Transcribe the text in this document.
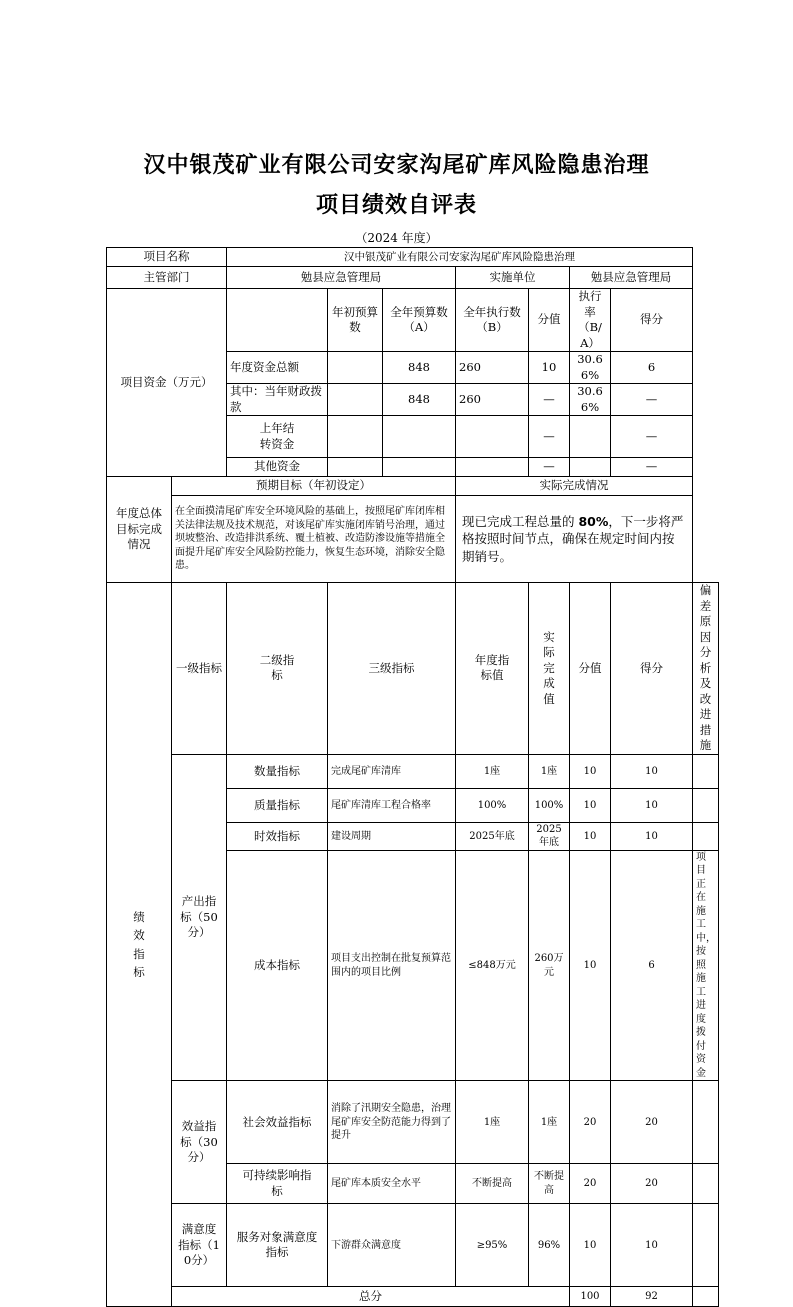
汉中银茂矿业有限公司安家沟尾矿库风险隐患治理
项目绩效自评表
（2024 年度）
项目名称		汉中银茂矿业有限公司安家沟尾矿库风险隐患治理							
主管部门		勉县应急管理局			实施单位		勉县应急管理局		
项目资金（万元）			年初预算数	全年预算数（A）	全年执行数（B）	分值	执行率（B/A）	得分	
		年度资金总额		848	260	10	30.66%	6	
		其中：当年财政拨款		848	260	—	30.66%	—	
		上年结转资金				—		—	
		其他资金				—		—	
年度总体目标完成情况	预期目标（年初设定）				实际完成情况				
	在全面摸清尾矿库安全环境风险的基础上，按照尾矿库闭库相关法律法规及技术规范，对该尾矿库实施闭库销号治理，通过坝坡整治、改造排洪系统、覆土植被、改造防渗设施等措施全面提升尾矿库安全风险防控能力，恢复生态环境，消除安全隐患。				现已完成工程总量的 80%，下一步将严格按照时间节点，确保在规定时间内按期销号。				
绩效指标	一级指标	二级指标	三级指标		年度指标值	实际完成值	分值	得分	偏差原因分析及改进措施
	产出指标（50分）	数量指标	完成尾矿库清库		1座	1座	10	10	
		质量指标	尾矿库清库工程合格率		100%	100%	10	10	
		时效指标	建设周期		2025年底	2025年底	10	10	
		成本指标	项目支出控制在批复预算范围内的项目比例		≤848万元	260万元	10	6	项目正在施工中，按照施工进度拨付资金
	效益指标（30分）	社会效益指标	消除了汛期安全隐患，治理尾矿库安全防范能力得到了提升		1座	1座	20	20	
		可持续影响指标	尾矿库本质安全水平		不断提高	不断提高	20	20	
	满意度指标（10分）	服务对象满意度指标	下游群众满意度		≥95%	96%	10	10	
	总分						100	92	
